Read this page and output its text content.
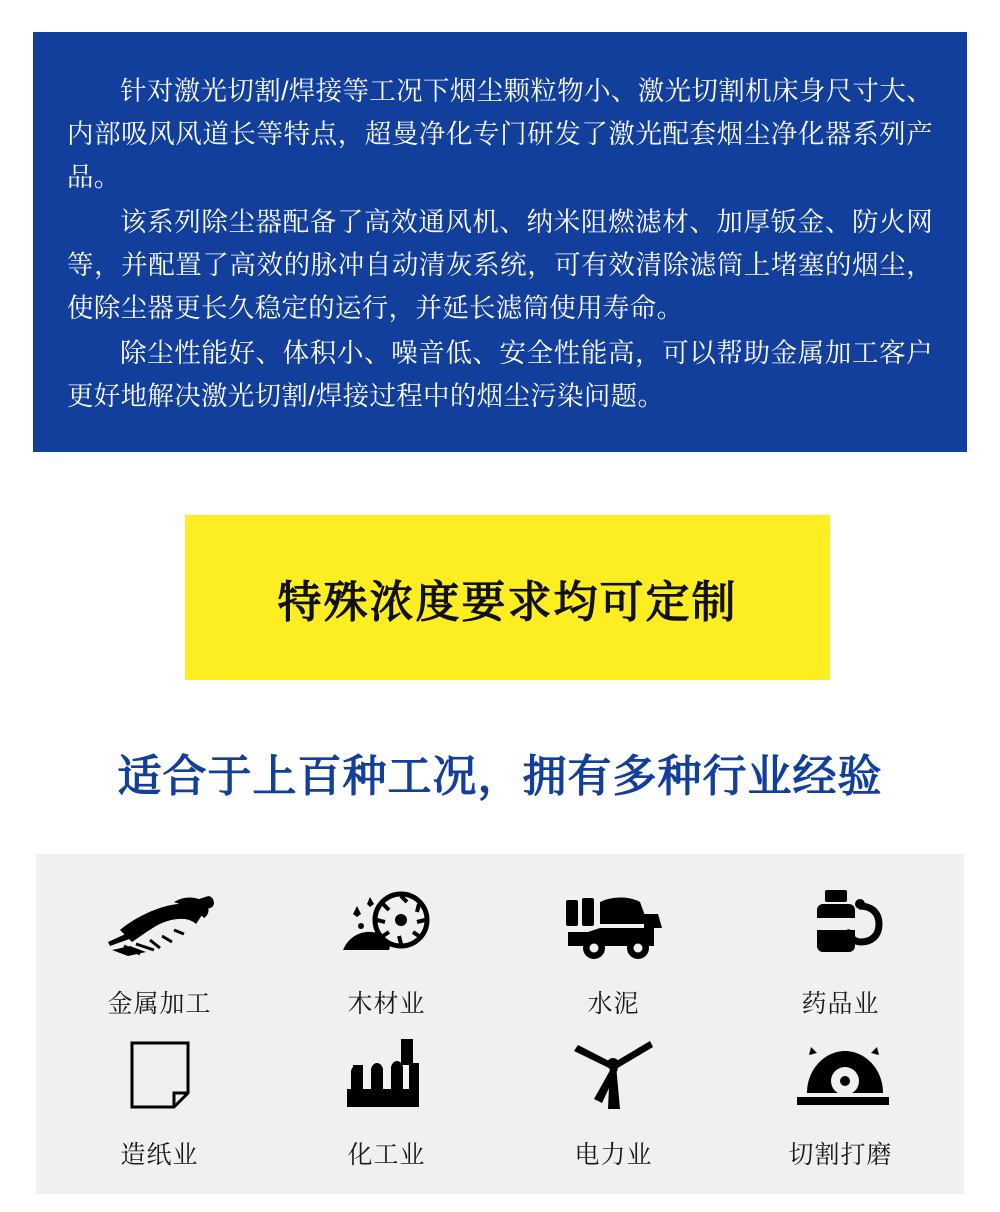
针对激光切割/焊接等工况下烟尘颗粒物小、激光切割机床身尺寸大、内部吸风风道长等特点，超曼净化专门研发了激光配套烟尘净化器系列产品。

该系列除尘器配备了高效通风机、纳米阻燃滤材、加厚钣金、防火网等，并配置了高效的脉冲自动清灰系统，可有效清除滤筒上堵塞的烟尘，使除尘器更长久稳定的运行，并延长滤筒使用寿命。

除尘性能好、体积小、噪音低、安全性能高，可以帮助金属加工客户更好地解决激光切割/焊接过程中的烟尘污染问题。

特殊浓度要求均可定制
适合于上百种工况，拥有多种行业经验
金属加工	木材业	水泥	药品业
造纸业	化工业	电力业	切割打磨
